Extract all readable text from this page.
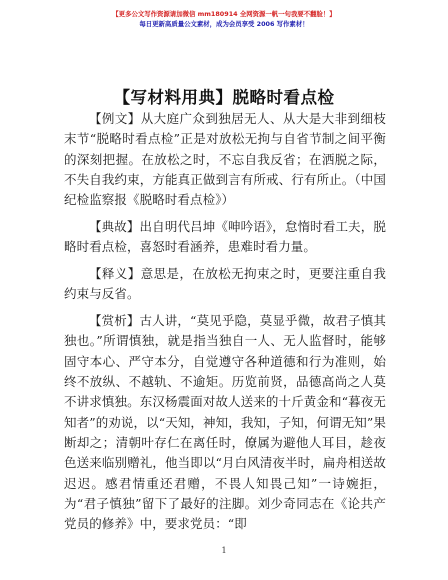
【更多公文写作资源请加微信 mm180914 全网资源一帆一句我要不翻脸！】
每日更新高质量公文素材，成为会员享受 2006 写作素材！
【写材料用典】脱略时看点检

【例文】从大庭广众到独居无人、从大是大非到细枝末节“脱略时看点检”正是对放松无拘与自省节制之间平衡的深刻把握。在放松之时，不忘自我反省；在洒脱之际，不失自我约束，方能真正做到言有所戒、行有所止。（中国纪检监察报《脱略时看点检》）

【典故】出自明代吕坤《呻吟语》，怠惰时看工夫，脱略时看点检，喜怒时看涵养，患难时看力量。

【释义】意思是，在放松无拘束之时，更要注重自我约束与反省。

【赏析】古人讲，“莫见乎隐，莫显乎微，故君子慎其独也。”所谓慎独，就是指当独自一人、无人监督时，能够固守本心、严守本分，自觉遵守各种道德和行为准则，始终不放纵、不越轨、不逾矩。历览前贤，品德高尚之人莫不讲求慎独。东汉杨震面对故人送来的十斤黄金和“暮夜无知者”的劝说，以“天知，神知，我知，子知，何谓无知”果断却之；清朝叶存仁在离任时，僚属为避他人耳目，趁夜色送来临别赠礼，他当即以“月白风清夜半时，扁舟相送故迟迟。感君情重还君赠，不畏人知畏己知”一诗婉拒，为“君子慎独”留下了最好的注脚。刘少奇同志在《论共产党员的修养》中，要求党员：“即

1
